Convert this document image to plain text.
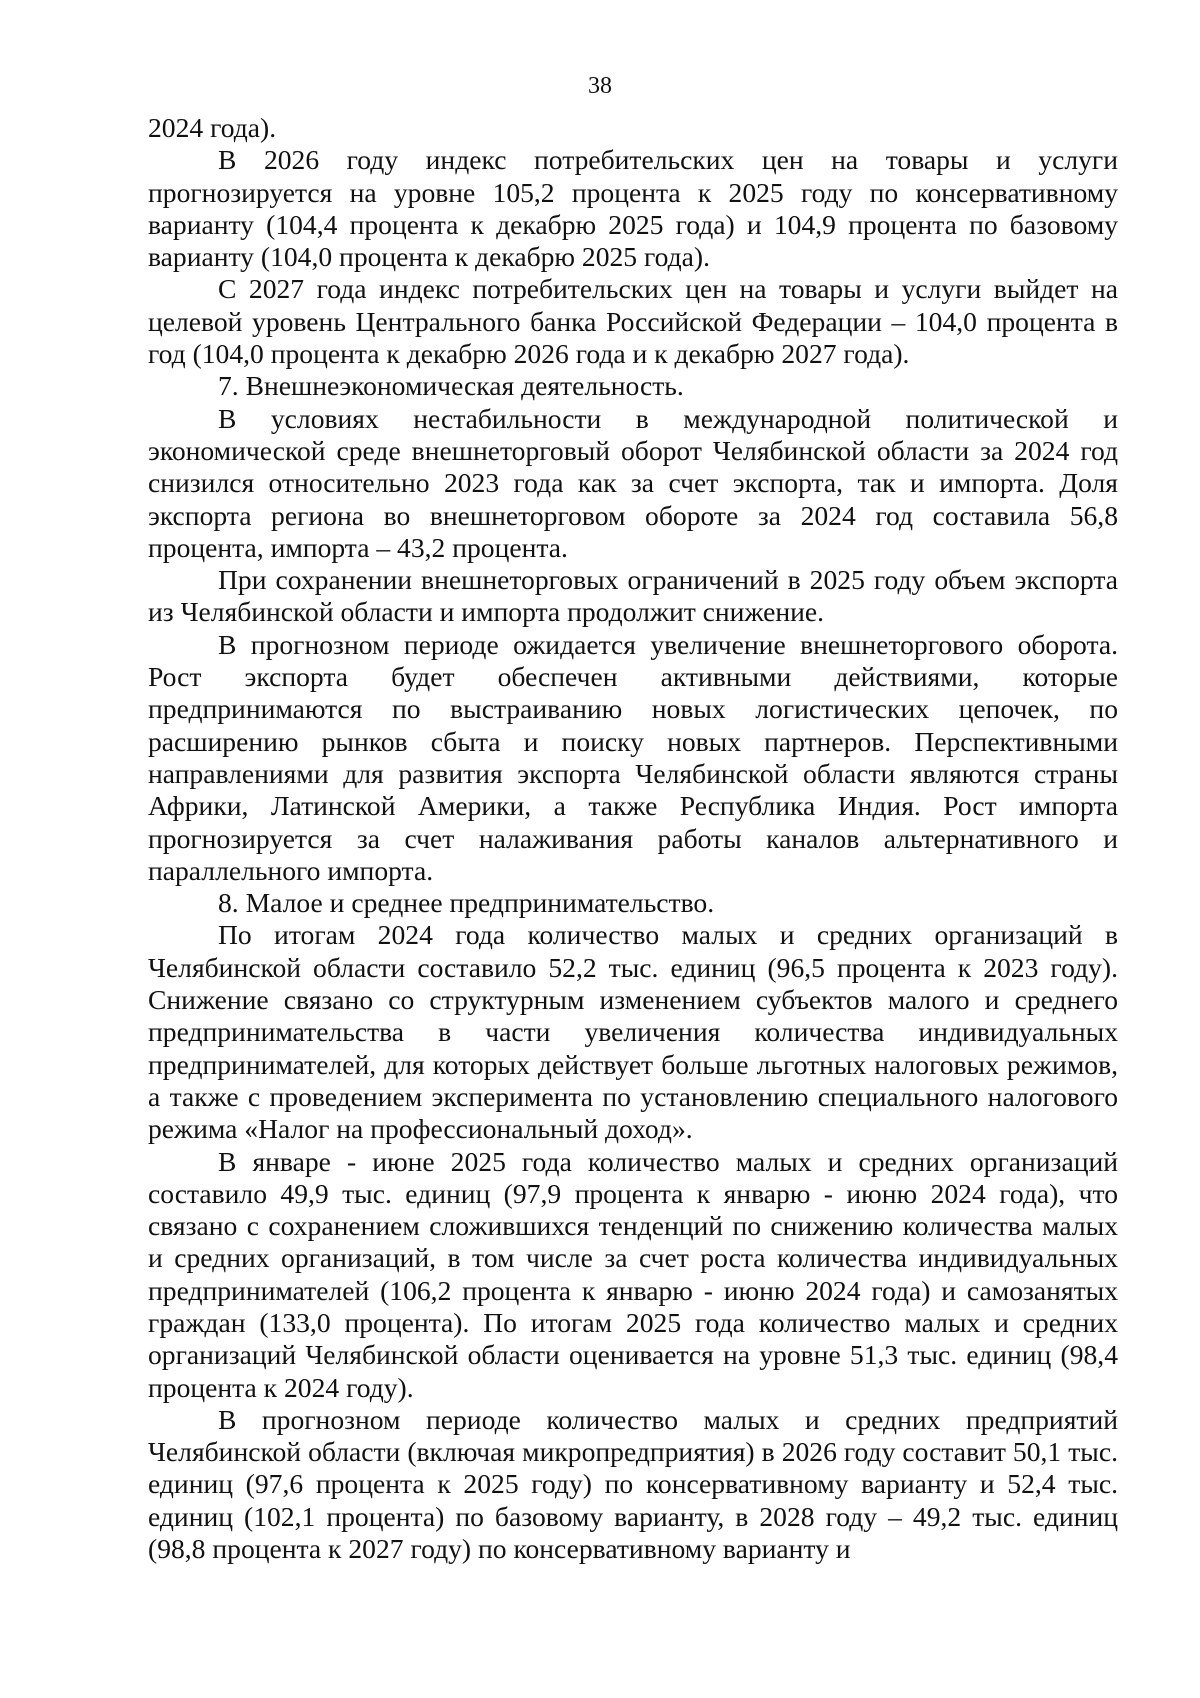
38

2024 года).

В 2026 году индекс потребительских цен на товары и услуги прогнозируется на уровне 105,2 процента к 2025 году по консервативному варианту (104,4 процента к декабрю 2025 года) и 104,9 процента по базовому варианту (104,0 процента к декабрю 2025 года).

С 2027 года индекс потребительских цен на товары и услуги выйдет на целевой уровень Центрального банка Российской Федерации – 104,0 процента в год (104,0 процента к декабрю 2026 года и к декабрю 2027 года).

7. Внешнеэкономическая деятельность.

В условиях нестабильности в международной политической и экономической среде внешнеторговый оборот Челябинской области за 2024 год снизился относительно 2023 года как за счет экспорта, так и импорта. Доля экспорта региона во внешнеторговом обороте за 2024 год составила 56,8 процента, импорта – 43,2 процента.

При сохранении внешнеторговых ограничений в 2025 году объем экспорта из Челябинской области и импорта продолжит снижение.

В прогнозном периоде ожидается увеличение внешнеторгового оборота. Рост экспорта будет обеспечен активными действиями, которые предпринимаются по выстраиванию новых логистических цепочек, по расширению рынков сбыта и поиску новых партнеров. Перспективными направлениями для развития экспорта Челябинской области являются страны Африки, Латинской Америки, а также Республика Индия. Рост импорта прогнозируется за счет налаживания работы каналов альтернативного и параллельного импорта.

8. Малое и среднее предпринимательство.

По итогам 2024 года количество малых и средних организаций в Челябинской области составило 52,2 тыс. единиц (96,5 процента к 2023 году). Снижение связано со структурным изменением субъектов малого и среднего предпринимательства в части увеличения количества индивидуальных предпринимателей, для которых действует больше льготных налоговых режимов, а также с проведением эксперимента по установлению специального налогового режима «Налог на профессиональный доход».

В январе - июне 2025 года количество малых и средних организаций составило 49,9 тыс. единиц (97,9 процента к январю - июню 2024 года), что связано с сохранением сложившихся тенденций по снижению количества малых и средних организаций, в том числе за счет роста количества индивидуальных предпринимателей (106,2 процента к январю - июню 2024 года) и самозанятых граждан (133,0 процента). По итогам 2025 года количество малых и средних организаций Челябинской области оценивается на уровне 51,3 тыс. единиц (98,4 процента к 2024 году).

В прогнозном периоде количество малых и средних предприятий Челябинской области (включая микропредприятия) в 2026 году составит 50,1 тыс. единиц (97,6 процента к 2025 году) по консервативному варианту и 52,4 тыс. единиц (102,1 процента) по базовому варианту, в 2028 году – 49,2 тыс. единиц (98,8 процента к 2027 году) по консервативному варианту и
